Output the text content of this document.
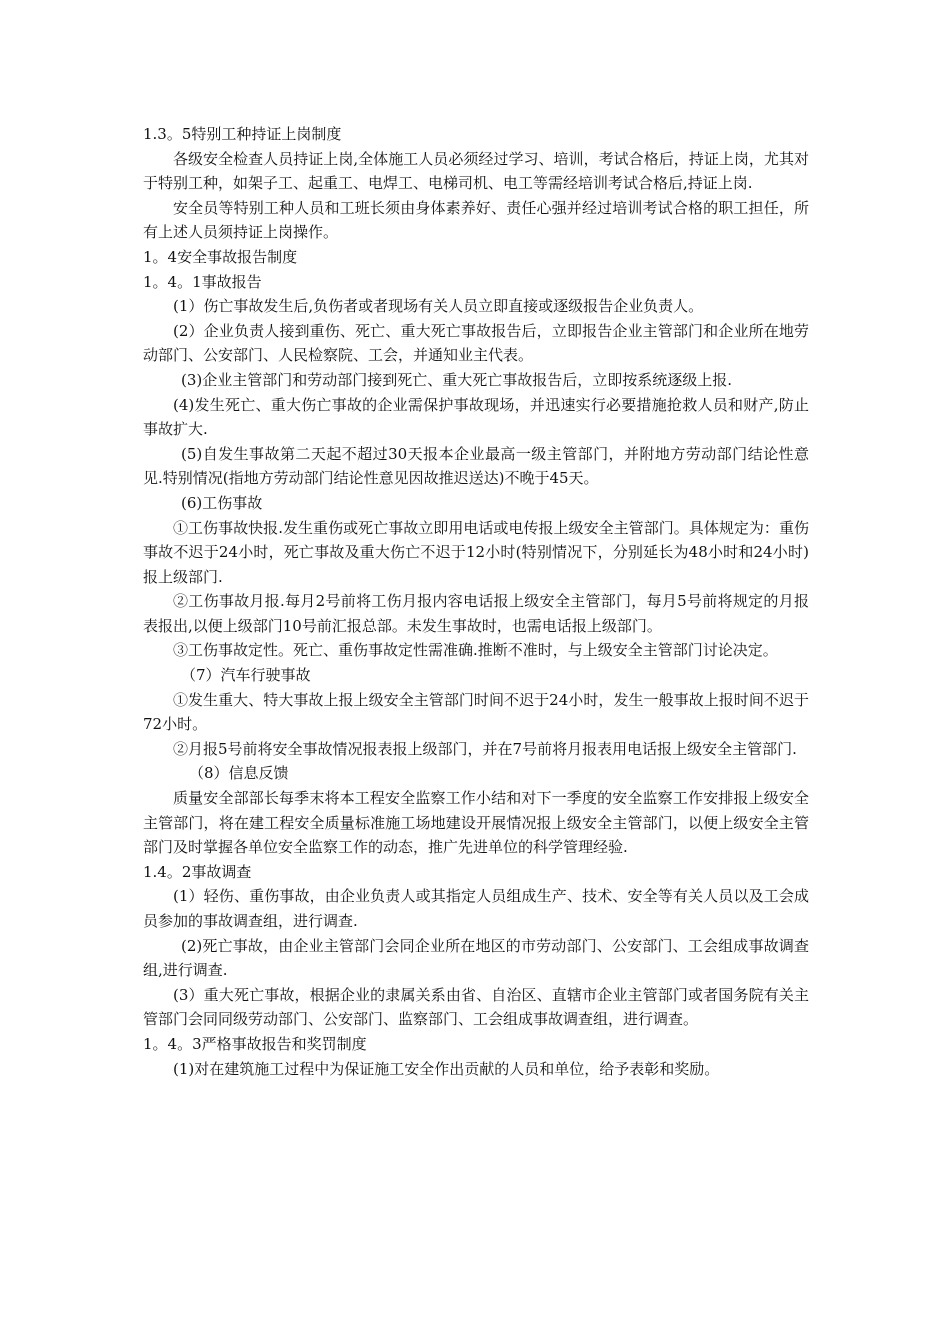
1.3。5特别工种持证上岗制度

各级安全检查人员持证上岗,全体施工人员必须经过学习、培训，考试合格后，持证上岗，尤其对于特别工种，如架子工、起重工、电焊工、电梯司机、电工等需经培训考试合格后,持证上岗.

安全员等特别工种人员和工班长须由身体素养好、责任心强并经过培训考试合格的职工担任，所有上述人员须持证上岗操作。

1。4安全事故报告制度

1。4。1事故报告

(1）伤亡事故发生后,负伤者或者现场有关人员立即直接或逐级报告企业负责人。

(2）企业负责人接到重伤、死亡、重大死亡事故报告后，立即报告企业主管部门和企业所在地劳动部门、公安部门、人民检察院、工会，并通知业主代表。

(3)企业主管部门和劳动部门接到死亡、重大死亡事故报告后，立即按系统逐级上报.

(4)发生死亡、重大伤亡事故的企业需保护事故现场，并迅速实行必要措施抢救人员和财产,防止事故扩大.

(5)自发生事故第二天起不超过30天报本企业最高一级主管部门，并附地方劳动部门结论性意见.特别情况(指地方劳动部门结论性意见因故推迟送达)不晚于45天。

(6)工伤事故

①工伤事故快报.发生重伤或死亡事故立即用电话或电传报上级安全主管部门。具体规定为：重伤事故不迟于24小时，死亡事故及重大伤亡不迟于12小时(特别情况下，分别延长为48小时和24小时)报上级部门.

②工伤事故月报.每月2号前将工伤月报内容电话报上级安全主管部门，每月5号前将规定的月报表报出,以便上级部门10号前汇报总部。未发生事故时，也需电话报上级部门。

③工伤事故定性。死亡、重伤事故定性需准确.推断不准时，与上级安全主管部门讨论决定。

（7）汽车行驶事故

①发生重大、特大事故上报上级安全主管部门时间不迟于24小时，发生一般事故上报时间不迟于72小时。

②月报5号前将安全事故情况报表报上级部门，并在7号前将月报表用电话报上级安全主管部门.

（8）信息反馈

质量安全部部长每季末将本工程安全监察工作小结和对下一季度的安全监察工作安排报上级安全主管部门，将在建工程安全质量标准施工场地建设开展情况报上级安全主管部门，以便上级安全主管部门及时掌握各单位安全监察工作的动态，推广先进单位的科学管理经验.

1.4。2事故调查

(1）轻伤、重伤事故，由企业负责人或其指定人员组成生产、技术、安全等有关人员以及工会成员参加的事故调查组，进行调查.

(2)死亡事故，由企业主管部门会同企业所在地区的市劳动部门、公安部门、工会组成事故调查组,进行调查.

(3）重大死亡事故，根据企业的隶属关系由省、自治区、直辖市企业主管部门或者国务院有关主管部门会同同级劳动部门、公安部门、监察部门、工会组成事故调查组，进行调查。

1。4。3严格事故报告和奖罚制度

(1)对在建筑施工过程中为保证施工安全作出贡献的人员和单位，给予表彰和奖励。
